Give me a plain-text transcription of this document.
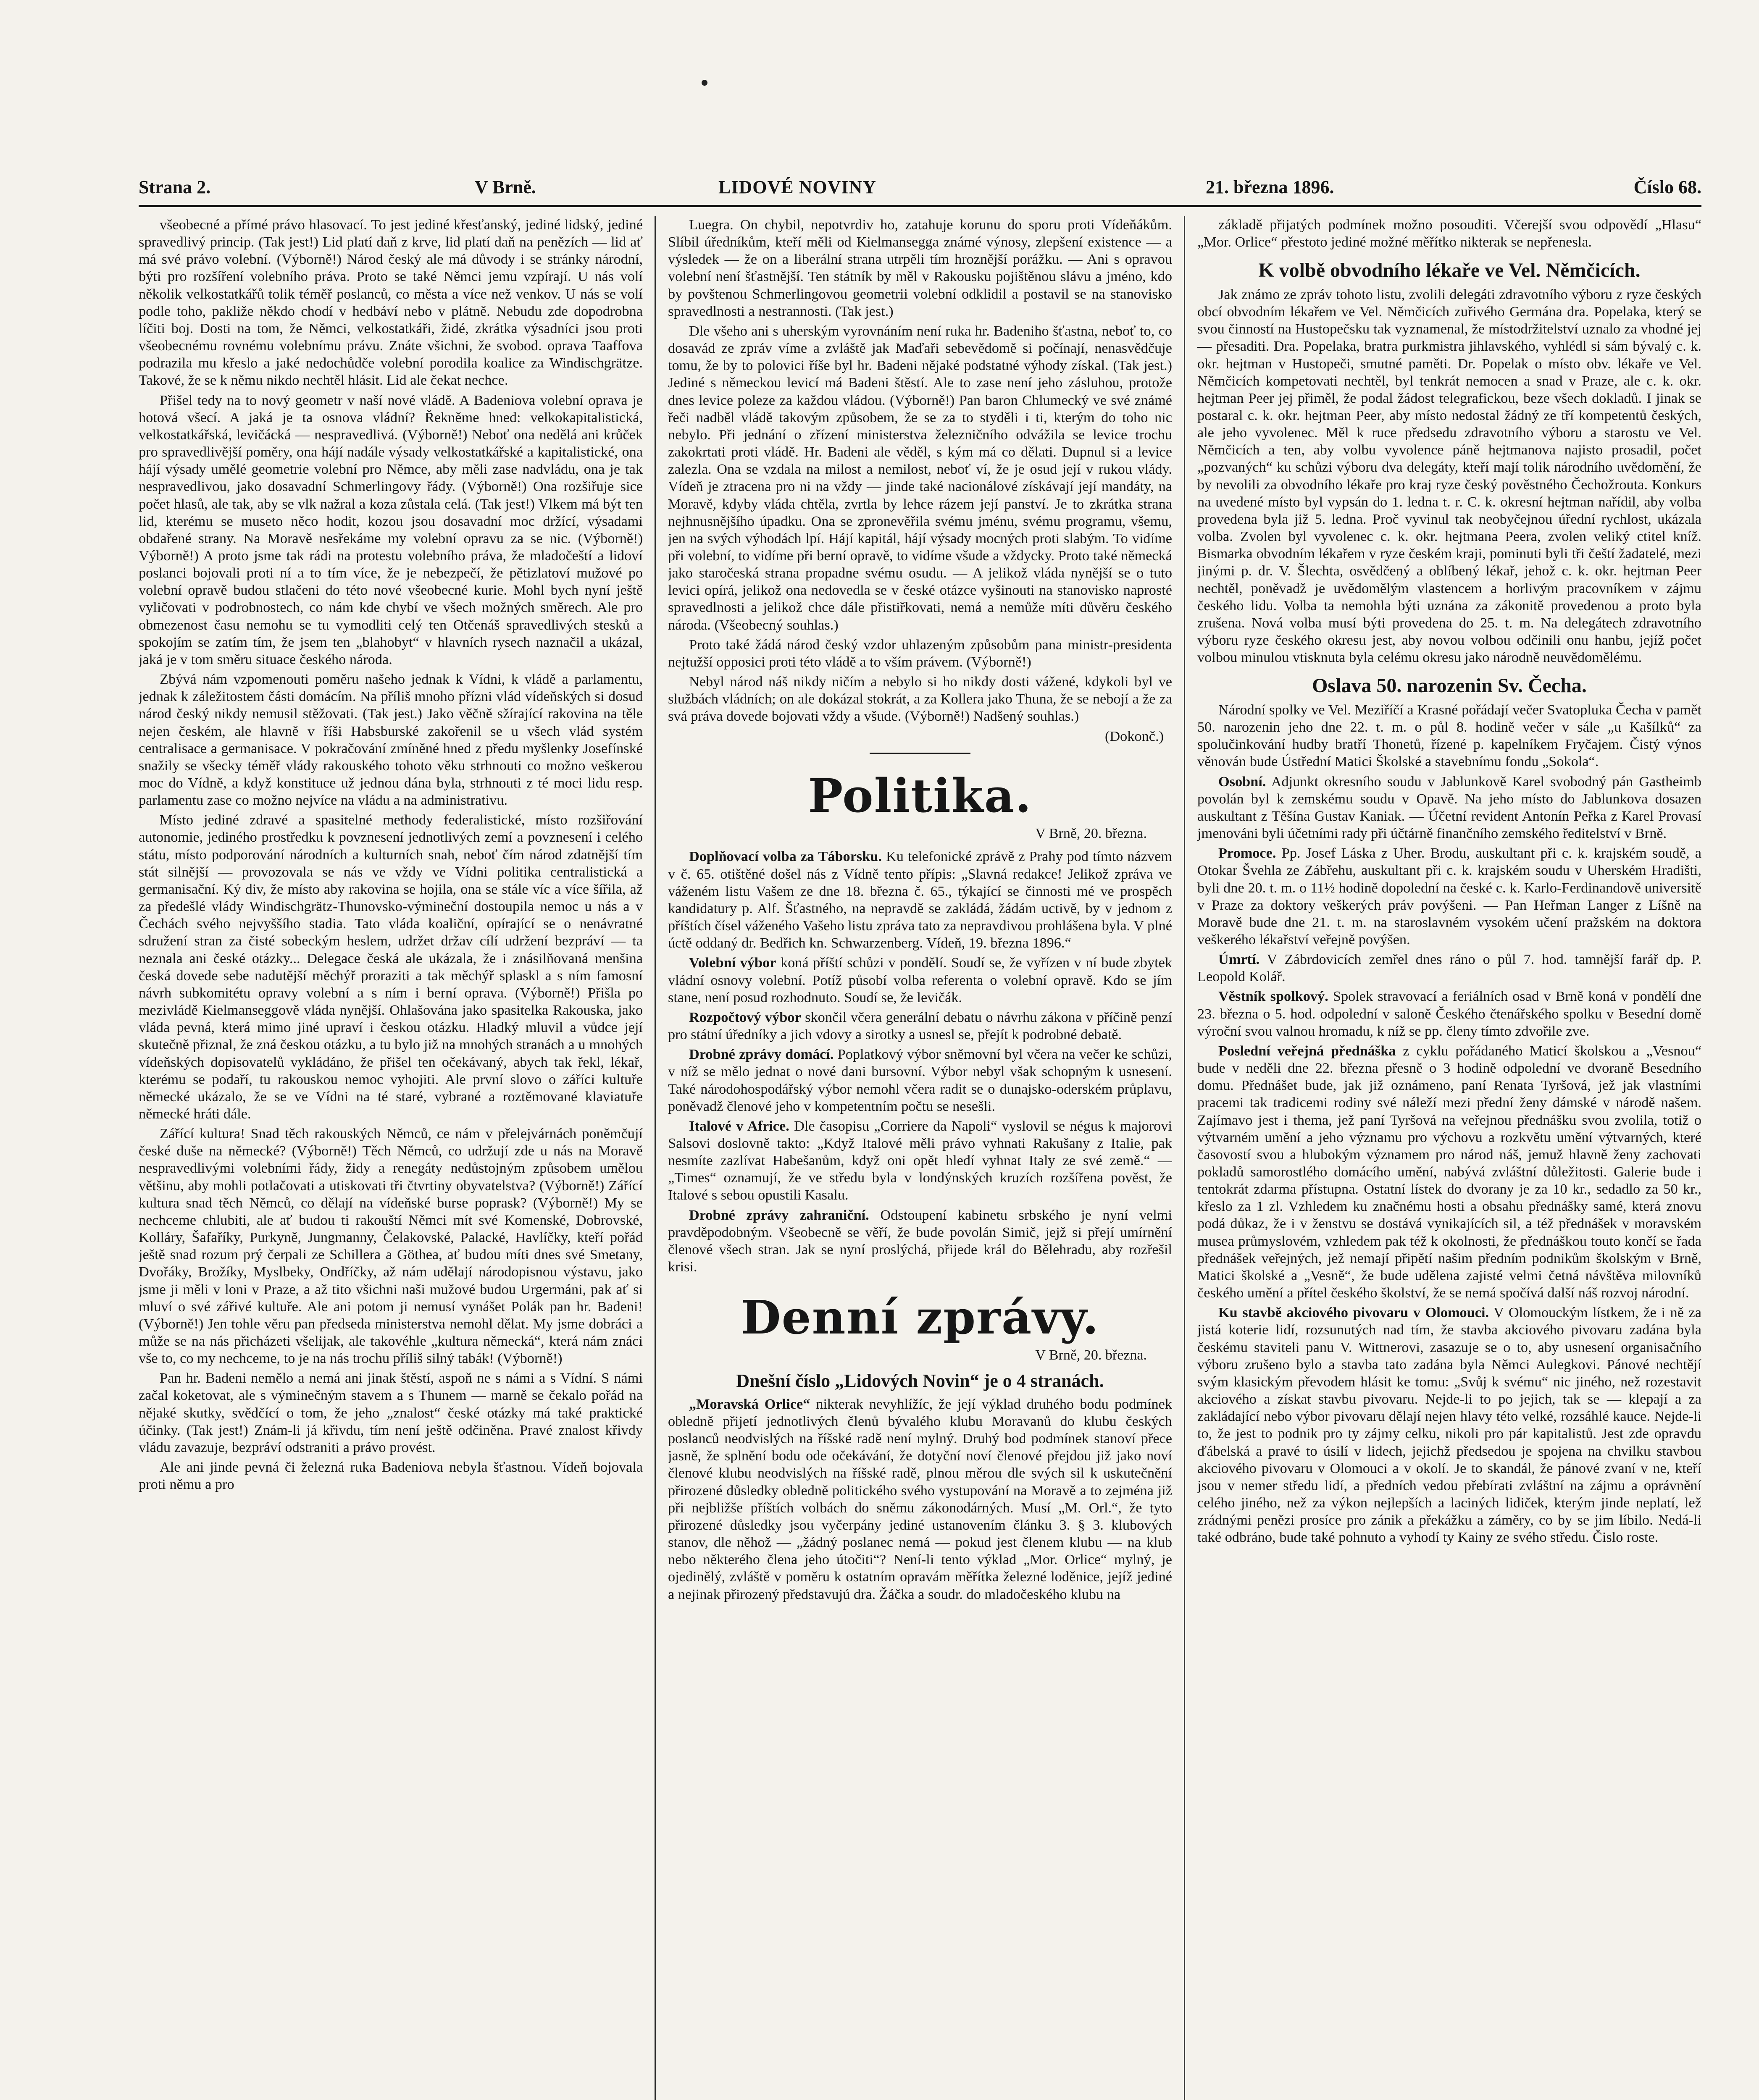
Strana 2.	V Brně.	LIDOVÉ NOVINY	21. března 1896.	Číslo 68.

všeobecné a přímé právo hlasovací. To jest jediné křesťanský, jediné lidský, jediné spravedlivý princip. (Tak jest!) Lid platí daň z krve, lid platí daň na penězích — lid ať má své právo volební. (Výborně!) Národ český ale má důvody i se stránky národní, býti pro rozšíření volebního práva. Proto se také Němci jemu vzpírají. U nás volí několik velkostatkářů tolik téměř poslanců, co města a více než venkov. U nás se volí podle toho, pakliže někdo chodí v hedbáví nebo v plátně. Nebudu zde dopodrobna líčiti boj. Dosti na tom, že Němci, velkostatkáři, židé, zkrátka výsadníci jsou proti všeobecnému rovnému volebnímu právu. Znáte všichni, že svobod. oprava Taaffova podrazila mu křeslo a jaké nedochůdče volební porodila koalice za Windischgrätze. Takové, že se k němu nikdo nechtěl hlásit. Lid ale čekat nechce.

Přišel tedy na to nový geometr v naší nové vládě. A Badeniova volební oprava je hotová všecí. A jaká je ta osnova vládní? Řekněme hned: velkokapitalistická, velkostatkářská, levičácká — nespravedlivá. (Výborně!) Neboť ona nedělá ani krůček pro spravedlivější poměry, ona hájí nadále výsady velkostatkářské a kapitalistické, ona hájí výsady umělé geometrie volební pro Němce, aby měli zase nadvládu, ona je tak nespravedlivou, jako dosavadní Schmerlingovy řády. (Výborně!) Ona rozšiřuje sice počet hlasů, ale tak, aby se vlk nažral a koza zůstala celá. (Tak jest!) Vlkem má být ten lid, kterému se museto něco hodit, kozou jsou dosavadní moc držící, výsadami obdařené strany. Na Moravě nesřekáme my volební opravu za se nic. (Výborně!) Výborně!) A proto jsme tak rádi na protestu volebního práva, že mladočeští a lidoví poslanci bojovali proti ní a to tím více, že je nebezpečí, že pětizlatoví mužové po volební opravě budou stlačeni do této nové všeobecné kurie. Mohl bych nyní ještě vyličovati v podrobnostech, co nám kde chybí ve všech možných směrech. Ale pro obmezenost času nemohu se tu vymodliti celý ten Otčenáš spravedlivých stesků a spokojím se zatím tím, že jsem ten „blahobyt“ v hlavních rysech naznačil a ukázal, jaká je v tom směru situace českého národa.

Zbývá nám vzpomenouti poměru našeho jednak k Vídni, k vládě a parlamentu, jednak k záležitostem části domácím. Na příliš mnoho přízni vlád vídeňských si dosud národ český nikdy nemusil stěžovati. (Tak jest.) Jako věčně sžírající rakovina na těle nejen českém, ale hlavně v říši Habsburské zakořenil se u všech vlád systém centralisace a germanisace. V pokračování zmíněné hned z předu myšlenky Josefínské snažily se všecky téměř vlády rakouského tohoto věku strhnouti co možno veškerou moc do Vídně, a když konstituce už jednou dána byla, strhnouti z té moci lidu resp. parlamentu zase co možno nejvíce na vládu a na administrativu.

Místo jediné zdravé a spasitelné methody federalistické, místo rozšiřování autonomie, jediného prostředku k povznesení jednotlivých zemí a povznesení i celého státu, místo podporování národních a kulturních snah, neboť čím národ zdatnější tím stát silnější — provozovala se nás ve vždy ve Vídni politika centralistická a germanisační. Ký div, že místo aby rakovina se hojila, ona se stále víc a více šířila, až za předešlé vlády Windischgrätz-Thunovsko-výmineční dostoupila nemoc u nás a v Čechách svého nejvyššího stadia. Tato vláda koaliční, opírající se o nenávratné sdružení stran za čisté sobeckým heslem, udržet držav cílí udržení bezpráví — ta neznala ani české otázky... Delegace česká ale ukázala, že i znásilňovaná menšina česká dovede sebe nadutější měchýř proraziti a tak měchýř splaskl a s ním famosní návrh subkomitétu opravy volební a s ním i berní oprava. (Výborně!) Přišla po mezivládě Kielmanseggově vláda nynější. Ohlašována jako spasitelka Rakouska, jako vláda pevná, která mimo jiné upraví i českou otázku. Hladký mluvil a vůdce její skutečně přiznal, že zná českou otázku, a tu bylo již na mnohých stranách a u mnohých vídeňských dopisovatelů vykládáno, že přišel ten očekávaný, abych tak řekl, lékař, kterému se podaří, tu rakouskou nemoc vyhojiti. Ale první slovo o záříci kultuře německé ukázalo, že se ve Vídni na té staré, vybrané a roztěmované klaviatuře německé hráti dále.

Zářící kultura! Snad těch rakouských Němců, ce nám v přelejvárnách poněmčují české duše na německé? (Výborně!) Těch Němců, co udržují zde u nás na Moravě nespravedlivými volebními řády, židy a renegáty nedůstojným způsobem umělou většinu, aby mohli potlačovati a utiskovati tři čtvrtiny obyvatelstva? (Výborně!) Zářící kultura snad těch Němců, co dělají na vídeňské burse poprask? (Výborně!) My se nechceme chlubiti, ale ať budou ti rakouští Němci mít své Komenské, Dobrovské, Kolláry, Šafaříky, Purkyně, Jungmanny, Čelakovské, Palacké, Havlíčky, kteří pořád ještě snad rozum prý čerpali ze Schillera a Göthea, ať budou míti dnes své Smetany, Dvořáky, Brožíky, Myslbeky, Ondříčky, až nám udělají národopisnou výstavu, jako jsme ji měli v loni v Praze, a až tito všichni naši mužové budou Urgermáni, pak ať si mluví o své zářivé kultuře. Ale ani potom ji nemusí vynášet Polák pan hr. Badeni! (Výborně!) Jen tohle věru pan předseda ministerstva nemohl dělat. My jsme dobráci a může se na nás přicházeti všelijak, ale takovéhle „kultura německá“, která nám znáci vše to, co my nechceme, to je na nás trochu příliš silný tabák! (Výborně!)

Pan hr. Badeni nemělo a nemá ani jinak štěstí, aspoň ne s námi a s Vídní. S námi začal koketovat, ale s výminečným stavem a s Thunem — marně se čekalo pořád na nějaké skutky, svědčící o tom, že jeho „znalost“ české otázky má také praktické účinky. (Tak jest!) Znám-li já křivdu, tím není ještě odčiněna. Pravé znalost křivdy vládu zavazuje, bezpráví odstraniti a právo provést.

Ale ani jinde pevná či železná ruka Badeniova nebyla šťastnou. Vídeň bojovala proti němu a pro

Luegra. On chybil, nepotvrdiv ho, zatahuje korunu do sporu proti Vídeňákům. Slíbil úředníkům, kteří měli od Kielmansegga známé výnosy, zlepšení existence — a výsledek — že on a liberální strana utrpěli tím hroznější porážku. — Ani s opravou volební není šťastnější. Ten státník by měl v Rakousku pojištěnou slávu a jméno, kdo by povštenou Schmerlingovou geometrii volební odklidil a postavil se na stanovisko spravedlnosti a nestrannosti. (Tak jest.)

Dle všeho ani s uherským vyrovnáním není ruka hr. Badeniho šťastna, neboť to, co dosavád ze zpráv víme a zvláště jak Maďaři sebevědomě si počínají, nenasvědčuje tomu, že by to polovici říše byl hr. Badeni nějaké podstatné výhody získal. (Tak jest.) Jediné s německou levicí má Badeni štěstí. Ale to zase není jeho zásluhou, protože dnes levice poleze za každou vládou. (Výborně!) Pan baron Chlumecký ve své známé řeči nadběl vládě takovým způsobem, že se za to styděli i ti, kterým do toho nic nebylo. Při jednání o zřízení ministerstva železničního odvážila se levice trochu zakokrtati proti vládě. Hr. Badeni ale věděl, s kým má co dělati. Dupnul si a levice zalezla. Ona se vzdala na milost a nemilost, neboť ví, že je osud její v rukou vlády. Vídeň je ztracena pro ni na vždy — jinde také nacionálové získávají její mandáty, na Moravě, kdyby vláda chtěla, zvrtla by lehce rázem její panství. Je to zkrátka strana nejhnusnějšího úpadku. Ona se zpronevěřila svému jménu, svému programu, všemu, jen na svých výhodách lpí. Hájí kapitál, hájí výsady mocných proti slabým. To vidíme při volební, to vidíme při berní opravě, to vidíme všude a vždycky. Proto také německá jako staročeská strana propadne svému osudu. — A jelikož vláda nynější se o tuto levici opírá, jelikož ona nedovedla se v české otázce vyšinouti na stanovisko naprosté spravedlnosti a jelikož chce dále přistiřkovati, nemá a nemůže míti důvěru českého národa. (Všeobecný souhlas.)

Proto také žádá národ český vzdor uhlazeným způsobům pana ministr-presidenta nejtužší opposici proti této vládě a to vším právem. (Výborně!)

Nebyl národ náš nikdy ničím a nebylo si ho nikdy dosti vážené, kdykoli byl ve službách vládních; on ale dokázal stokrát, a za Kollera jako Thuna, že se nebojí a že za svá práva dovede bojovati vždy a všude. (Výborně!) Nadšený souhlas.)

(Dokonč.)
Politika.
V Brně, 20. března.

Doplňovací volba za Táborsku. Ku telefonické zprávě z Prahy pod tímto názvem v č. 65. otištěné došel nás z Vídně tento přípis: „Slavná redakce! Jelikož zpráva ve váženém listu Vašem ze dne 18. března č. 65., týkající se činnosti mé ve prospěch kandidatury p. Alf. Šťastného, na nepravdě se zakládá, žádám uctivě, by v jednom z příštích čísel váženého Vašeho listu zpráva tato za nepravdivou prohlášena byla. V plné úctě oddaný dr. Bedřich kn. Schwarzenberg. Vídeň, 19. března 1896.“

Volební výbor koná příští schůzi v pondělí. Soudí se, že vyřízen v ní bude zbytek vládní osnovy volební. Potíž působí volba referenta o volební opravě. Kdo se jím stane, není posud rozhodnuto. Soudí se, že levičák.

Rozpočtový výbor skončil včera generální debatu o návrhu zákona v příčině penzí pro státní úředníky a jich vdovy a sirotky a usnesl se, přejít k podrobné debatě.

Drobné zprávy domácí. Poplatkový výbor sněmovní byl včera na večer ke schůzi, v níž se mělo jednat o nové dani bursovní. Výbor nebyl však schopným k usnesení. Také národohospodářský výbor nemohl včera radit se o dunajsko-oderském průplavu, poněvadž členové jeho v kompetentním počtu se nesešli.

Italové v Africe. Dle časopisu „Corriere da Napoli“ vyslovil se négus k majorovi Salsovi doslovně takto: „Když Italové měli právo vyhnati Rakušany z Italie, pak nesmíte zazlívat Habešanům, když oni opět hledí vyhnat Italy ze své země.“ — „Times“ oznamují, že ve středu byla v londýnských kruzích rozšířena pověst, že Italové s sebou opustili Kasalu.

Drobné zprávy zahraniční. Odstoupení kabinetu srbského je nyní velmi pravděpodobným. Všeobecně se věří, že bude povolán Simič, jejž si přejí umírnění členové všech stran. Jak se nyní proslýchá, přijede král do Bělehradu, aby rozřešil krisi.

Denní zprávy.
V Brně, 20. března.
Dnešní číslo „Lidových Novin“ je o 4 stranách.

„Moravská Orlice“ nikterak nevyhlížíc, že její výklad druhého bodu podmínek obledně přijetí jednotlivých členů bývalého klubu Moravanů do klubu českých poslanců neodvislých na říšské radě není mylný. Druhý bod podmínek stanoví přece jasně, že splnění bodu ode očekávání, že dotyční noví členové přejdou již jako noví členové klubu neodvislých na říšské radě, plnou měrou dle svých sil k uskutečnění přirozené důsledky obledně politického svého vystupování na Moravě a to zejména již při nejbližše příštích volbách do sněmu zákonodárných. Musí „M. Orl.“, že tyto přirozené důsledky jsou vyčerpány jediné ustanovením článku 3. § 3. klubových stanov, dle něhož — „žádný poslanec nemá — pokud jest členem klubu — na klub nebo některého člena jeho útočiti“? Není-li tento výklad „Mor. Orlice“ mylný, je ojedinělý, zvláště v poměru k ostatním opravám měřítka železné loděnice, jejíž jediné a nejinak přirozený představujú dra. Žáčka a soudr. do mladočeského klubu na

základě přijatých podmínek možno posouditi. Včerejší svou odpovědí „Hlasu“ „Mor. Orlice“ přestoto jediné možné měřítko nikterak se nepřenesla.

K volbě obvodního lékaře ve Vel. Němčicích.

Jak známo ze zpráv tohoto listu, zvolili delegáti zdravotního výboru z ryze českých obcí obvodním lékařem ve Vel. Němčicích zuřivého Germána dra. Popelaka, který se svou činností na Hustopečsku tak vyznamenal, že místodržitelství uznalo za vhodné jej — přesaditi. Dra. Popelaka, bratra purkmistra jihlavského, vyhlédl si sám bývalý c. k. okr. hejtman v Hustopeči, smutné paměti. Dr. Popelak o místo obv. lékaře ve Vel. Němčicích kompetovati nechtěl, byl tenkrát nemocen a snad v Praze, ale c. k. okr. hejtman Peer jej přiměl, že podal žádost telegrafickou, beze všech dokladů. I jinak se postaral c. k. okr. hejtman Peer, aby místo nedostal žádný ze tří kompetentů českých, ale jeho vyvolenec. Měl k ruce předsedu zdravotního výboru a starostu ve Vel. Němčicích a ten, aby volbu vyvolence páně hejtmanova najisto prosadil, počet „pozvaných“ ku schůzi výboru dva delegáty, kteří mají tolik národního uvědomění, že by nevolili za obvodního lékaře pro kraj ryze český pověstného Čechožrouta. Konkurs na uvedené místo byl vypsán do 1. ledna t. r. C. k. okresní hejtman nařídil, aby volba provedena byla již 5. ledna. Proč vyvinul tak neobyčejnou úřední rychlost, ukázala volba. Zvolen byl vyvolenec c. k. okr. hejtmana Peera, zvolen veliký ctitel kníž. Bismarka obvodním lékařem v ryze českém kraji, pominuti byli tři čeští žadatelé, mezi jinými p. dr. V. Šlechta, osvědčený a oblíbený lékař, jehož c. k. okr. hejtman Peer nechtěl, poněvadž je uvědomělým vlastencem a horlivým pracovníkem v zájmu českého lidu. Volba ta nemohla býti uznána za zákonitě provedenou a proto byla zrušena. Nová volba musí býti provedena do 25. t. m. Na delegátech zdravotního výboru ryze českého okresu jest, aby novou volbou odčinili onu hanbu, jejíž počet volbou minulou vtisknuta byla celému okresu jako národně neuvědomělému.

Oslava 50. narozenin Sv. Čecha.

Národní spolky ve Vel. Meziříčí a Krasné pořádají večer Svatopluka Čecha v pamět 50. narozenin jeho dne 22. t. m. o půl 8. hodině večer v sále „u Kašílků“ za spolučinkování hudby bratří Thonetů, řízené p. kapelníkem Fryčajem. Čistý výnos věnován bude Ústřední Matici Školské a stavebnímu fondu „Sokola“.

Osobní. Adjunkt okresního soudu v Jablunkově Karel svobodný pán Gastheimb povolán byl k zemskému soudu v Opavě. Na jeho místo do Jablunkova dosazen auskultant z Těšína Gustav Kaniak. — Účetní revident Antonín Peřka z Karel Provasí jmenováni byli účetními rady při účtárně finančního zemského ředitelství v Brně.

Promoce. Pp. Josef Láska z Uher. Brodu, auskultant při c. k. krajském soudě, a Otokar Švehla ze Zábřehu, auskultant při c. k. krajském soudu v Uherském Hradišti, byli dne 20. t. m. o 11½ hodině dopolední na české c. k. Karlo-Ferdinandově universitě v Praze za doktory veškerých práv povýšeni. — Pan Heřman Langer z Líšně na Moravě bude dne 21. t. m. na staroslavném vysokém učení pražském na doktora veškerého lékařství veřejně povýšen.

Úmrtí. V Zábrdovicích zemřel dnes ráno o půl 7. hod. tamnější farář dp. P. Leopold Kolář.

Věstník spolkový. Spolek stravovací a feriálních osad v Brně koná v pondělí dne 23. března o 5. hod. odpolední v saloně Českého čtenářského spolku v Besední domě výroční svou valnou hromadu, k níž se pp. členy tímto zdvořile zve.

Poslední veřejná přednáška z cyklu pořádaného Maticí školskou a „Vesnou“ bude v neděli dne 22. března přesně o 3 hodině odpolední ve dvoraně Besedního domu. Přednášet bude, jak již oznámeno, paní Renata Tyršová, jež jak vlastními pracemi tak tradicemi rodiny své náleží mezi přední ženy dámské v národě našem. Zajímavo jest i thema, jež paní Tyršová na veřejnou přednášku svou zvolila, totiž o výtvarném umění a jeho významu pro výchovu a rozkvětu umění výtvarných, které časovostí svou a hlubokým významem pro národ náš, jemuž hlavně ženy zachovati pokladů samorostlého domácího umění, nabývá zvláštní důležitosti. Galerie bude i tentokrát zdarma přístupna. Ostatní lístek do dvorany je za 10 kr., sedadlo za 50 kr., křeslo za 1 zl. Vzhledem ku značnému hosti a obsahu přednášky samé, která znovu podá důkaz, že i v ženstvu se dostává vynikajících sil, a též přednášek v moravském musea průmyslovém, vzhledem pak též k okolnosti, že přednáškou touto končí se řada přednášek veřejných, jež nemají připětí našim předním podnikům školským v Brně, Matici školské a „Vesně“, že bude udělena zajisté velmi četná návštěva milovníků českého umění a přítel českého školství, že se nemá spočívá další náš rozvoj národní.

Ku stavbě akciového pivovaru v Olomouci. V Olomouckým lístkem, že i ně za jistá koterie lidí, rozsunutých nad tím, že stavba akciového pivovaru zadána byla českému staviteli panu V. Wittnerovi, zasazuje se o to, aby usnesení organisačního výboru zrušeno bylo a stavba tato zadána byla Němci Aulegkovi. Pánové nechtějí svým klasickým převodem hlásit ke tomu: „Svůj k svému“ nic jiného, než rozestavit akciového a získat stavbu pivovaru. Nejde-li to po jejich, tak se — klepají a za zakládající nebo výbor pivovaru dělají nejen hlavy této velké, rozsáhlé kauce. Nejde-li to, že jest to podnik pro ty zájmy celku, nikoli pro pár kapitalistů. Jest zde opravdu ďábelská a pravé to úsilí v lidech, jejichž předsedou je spojena na chvilku stavbou akciového pivovaru v Olomouci a v okolí. Je to skandál, že pánové zvaní v ne, kteří jsou v nemer středu lidí, a předních vedou přebírati zvláštní na zájmu a oprávnění celého jiného, než za výkon nejlepších a laciných lidiček, kterým jinde neplatí, lež zrádnými penězi prosíce pro zánik a překážku a záměry, co by se jim líbilo. Nedá-li také odbráno, bude také pohnuto a vyhodí ty Kainy ze svého středu. Čislo roste.
